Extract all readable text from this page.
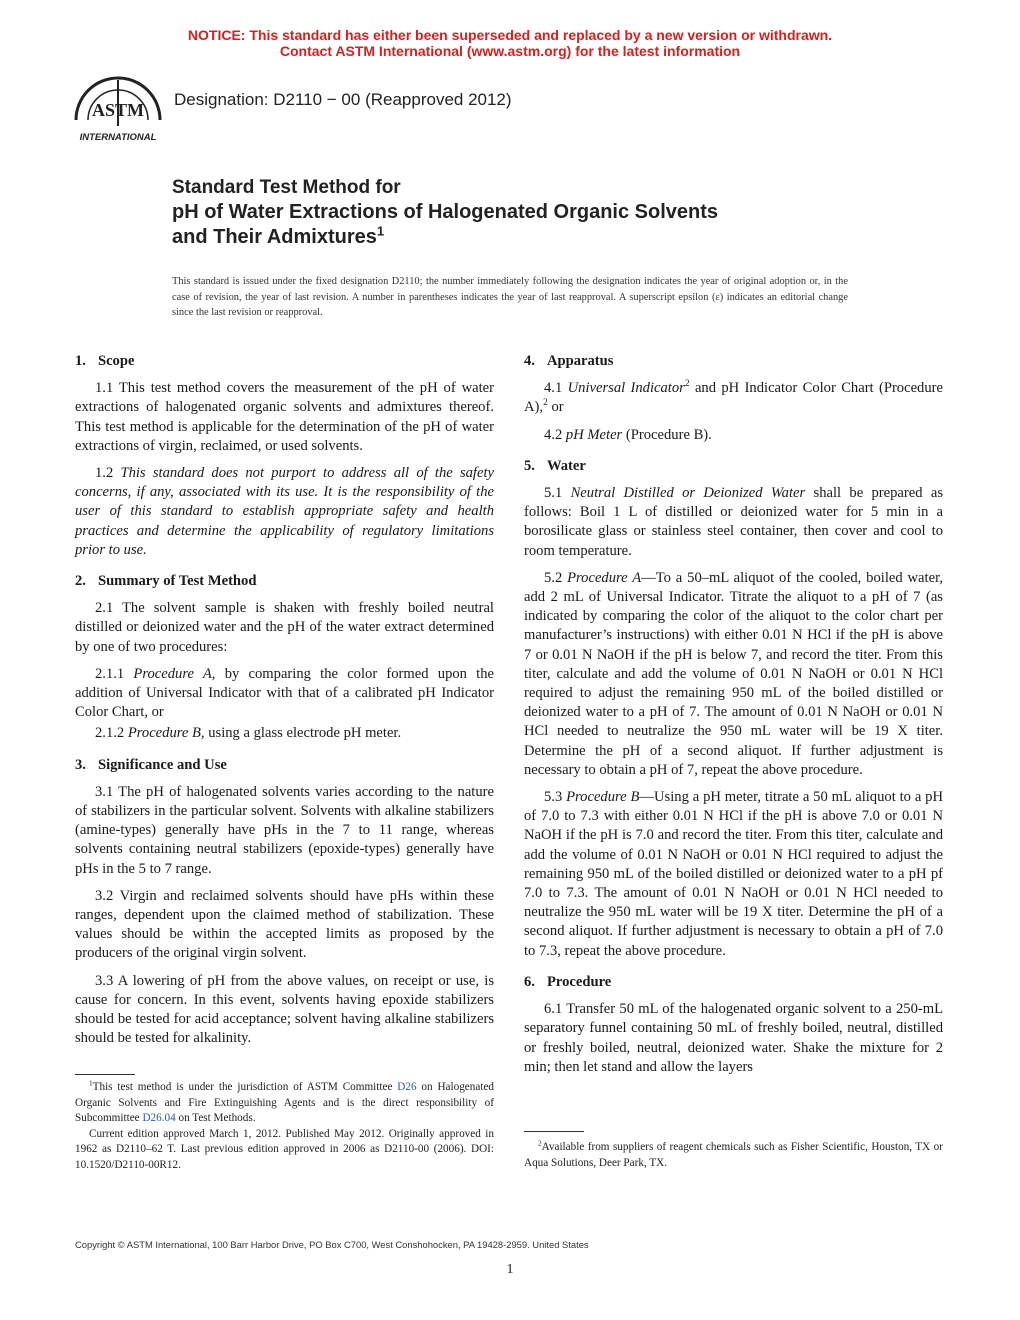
NOTICE: This standard has either been superseded and replaced by a new version or withdrawn.
Contact ASTM International (www.astm.org) for the latest information
ASTM
INTERNATIONAL
Designation: D2110 − 00 (Reapproved 2012)
Standard Test Method for
pH of Water Extractions of Halogenated Organic Solvents
and Their Admixtures$^1$
This standard is issued under the fixed designation D2110; the number immediately following the designation indicates the year of original adoption or, in the case of revision, the year of last revision. A number in parentheses indicates the year of last reapproval. A superscript epsilon (ε) indicates an editorial change since the last revision or reapproval.
1. Scope

1.1 This test method covers the measurement of the pH of water extractions of halogenated organic solvents and admixtures thereof. This test method is applicable for the determination of the pH of water extractions of virgin, reclaimed, or used solvents.

1.2 This standard does not purport to address all of the safety concerns, if any, associated with its use. It is the responsibility of the user of this standard to establish appropriate safety and health practices and determine the applicability of regulatory limitations prior to use.

2. Summary of Test Method

2.1 The solvent sample is shaken with freshly boiled neutral distilled or deionized water and the pH of the water extract determined by one of two procedures:

2.1.1 Procedure A, by comparing the color formed upon the addition of Universal Indicator with that of a calibrated pH Indicator Color Chart, or

2.1.2 Procedure B, using a glass electrode pH meter.

3. Significance and Use

3.1 The pH of halogenated solvents varies according to the nature of stabilizers in the particular solvent. Solvents with alkaline stabilizers (amine-types) generally have pHs in the 7 to 11 range, whereas solvents containing neutral stabilizers (epoxide-types) generally have pHs in the 5 to 7 range.

3.2 Virgin and reclaimed solvents should have pHs within these ranges, dependent upon the claimed method of stabilization. These values should be within the accepted limits as proposed by the producers of the original virgin solvent.

3.3 A lowering of pH from the above values, on receipt or use, is cause for concern. In this event, solvents having epoxide stabilizers should be tested for acid acceptance; solvent having alkaline stabilizers should be tested for alkalinity.

$^1$This test method is under the jurisdiction of ASTM Committee D26 on Halogenated Organic Solvents and Fire Extinguishing Agents and is the direct responsibility of Subcommittee D26.04 on Test Methods.

Current edition approved March 1, 2012. Published May 2012. Originally approved in 1962 as D2110–62 T. Last previous edition approved in 2006 as D2110-00 (2006). DOI: 10.1520/D2110-00R12.

4. Apparatus

4.1 Universal Indicator$^2$ and pH Indicator Color Chart (Procedure A),$^2$ or

4.2 pH Meter (Procedure B).

5. Water

5.1 Neutral Distilled or Deionized Water shall be prepared as follows: Boil 1 L of distilled or deionized water for 5 min in a borosilicate glass or stainless steel container, then cover and cool to room temperature.

5.2 Procedure A—To a 50–mL aliquot of the cooled, boiled water, add 2 mL of Universal Indicator. Titrate the aliquot to a pH of 7 (as indicated by comparing the color of the aliquot to the color chart per manufacturer’s instructions) with either 0.01 N HCl if the pH is above 7 or 0.01 N NaOH if the pH is below 7, and record the titer. From this titer, calculate and add the volume of 0.01 N NaOH or 0.01 N HCl required to adjust the remaining 950 mL of the boiled distilled or deionized water to a pH of 7. The amount of 0.01 N NaOH or 0.01 N HCl needed to neutralize the 950 mL water will be 19 X titer. Determine the pH of a second aliquot. If further adjustment is necessary to obtain a pH of 7, repeat the above procedure.

5.3 Procedure B—Using a pH meter, titrate a 50 mL aliquot to a pH of 7.0 to 7.3 with either 0.01 N HCl if the pH is above 7.0 or 0.01 N NaOH if the pH is 7.0 and record the titer. From this titer, calculate and add the volume of 0.01 N NaOH or 0.01 N HCl required to adjust the remaining 950 mL of the boiled distilled or deionized water to a pH pf 7.0 to 7.3. The amount of 0.01 N NaOH or 0.01 N HCl needed to neutralize the 950 mL water will be 19 X titer. Determine the pH of a second aliquot. If further adjustment is necessary to obtain a pH of 7.0 to 7.3, repeat the above procedure.

6. Procedure

6.1 Transfer 50 mL of the halogenated organic solvent to a 250-mL separatory funnel containing 50 mL of freshly boiled, neutral, distilled or freshly boiled, neutral, deionized water. Shake the mixture for 2 min; then let stand and allow the layers

$^2$Available from suppliers of reagent chemicals such as Fisher Scientific, Houston, TX or Aqua Solutions, Deer Park, TX.

Copyright © ASTM International, 100 Barr Harbor Drive, PO Box C700, West Conshohocken, PA 19428-2959. United States
1
